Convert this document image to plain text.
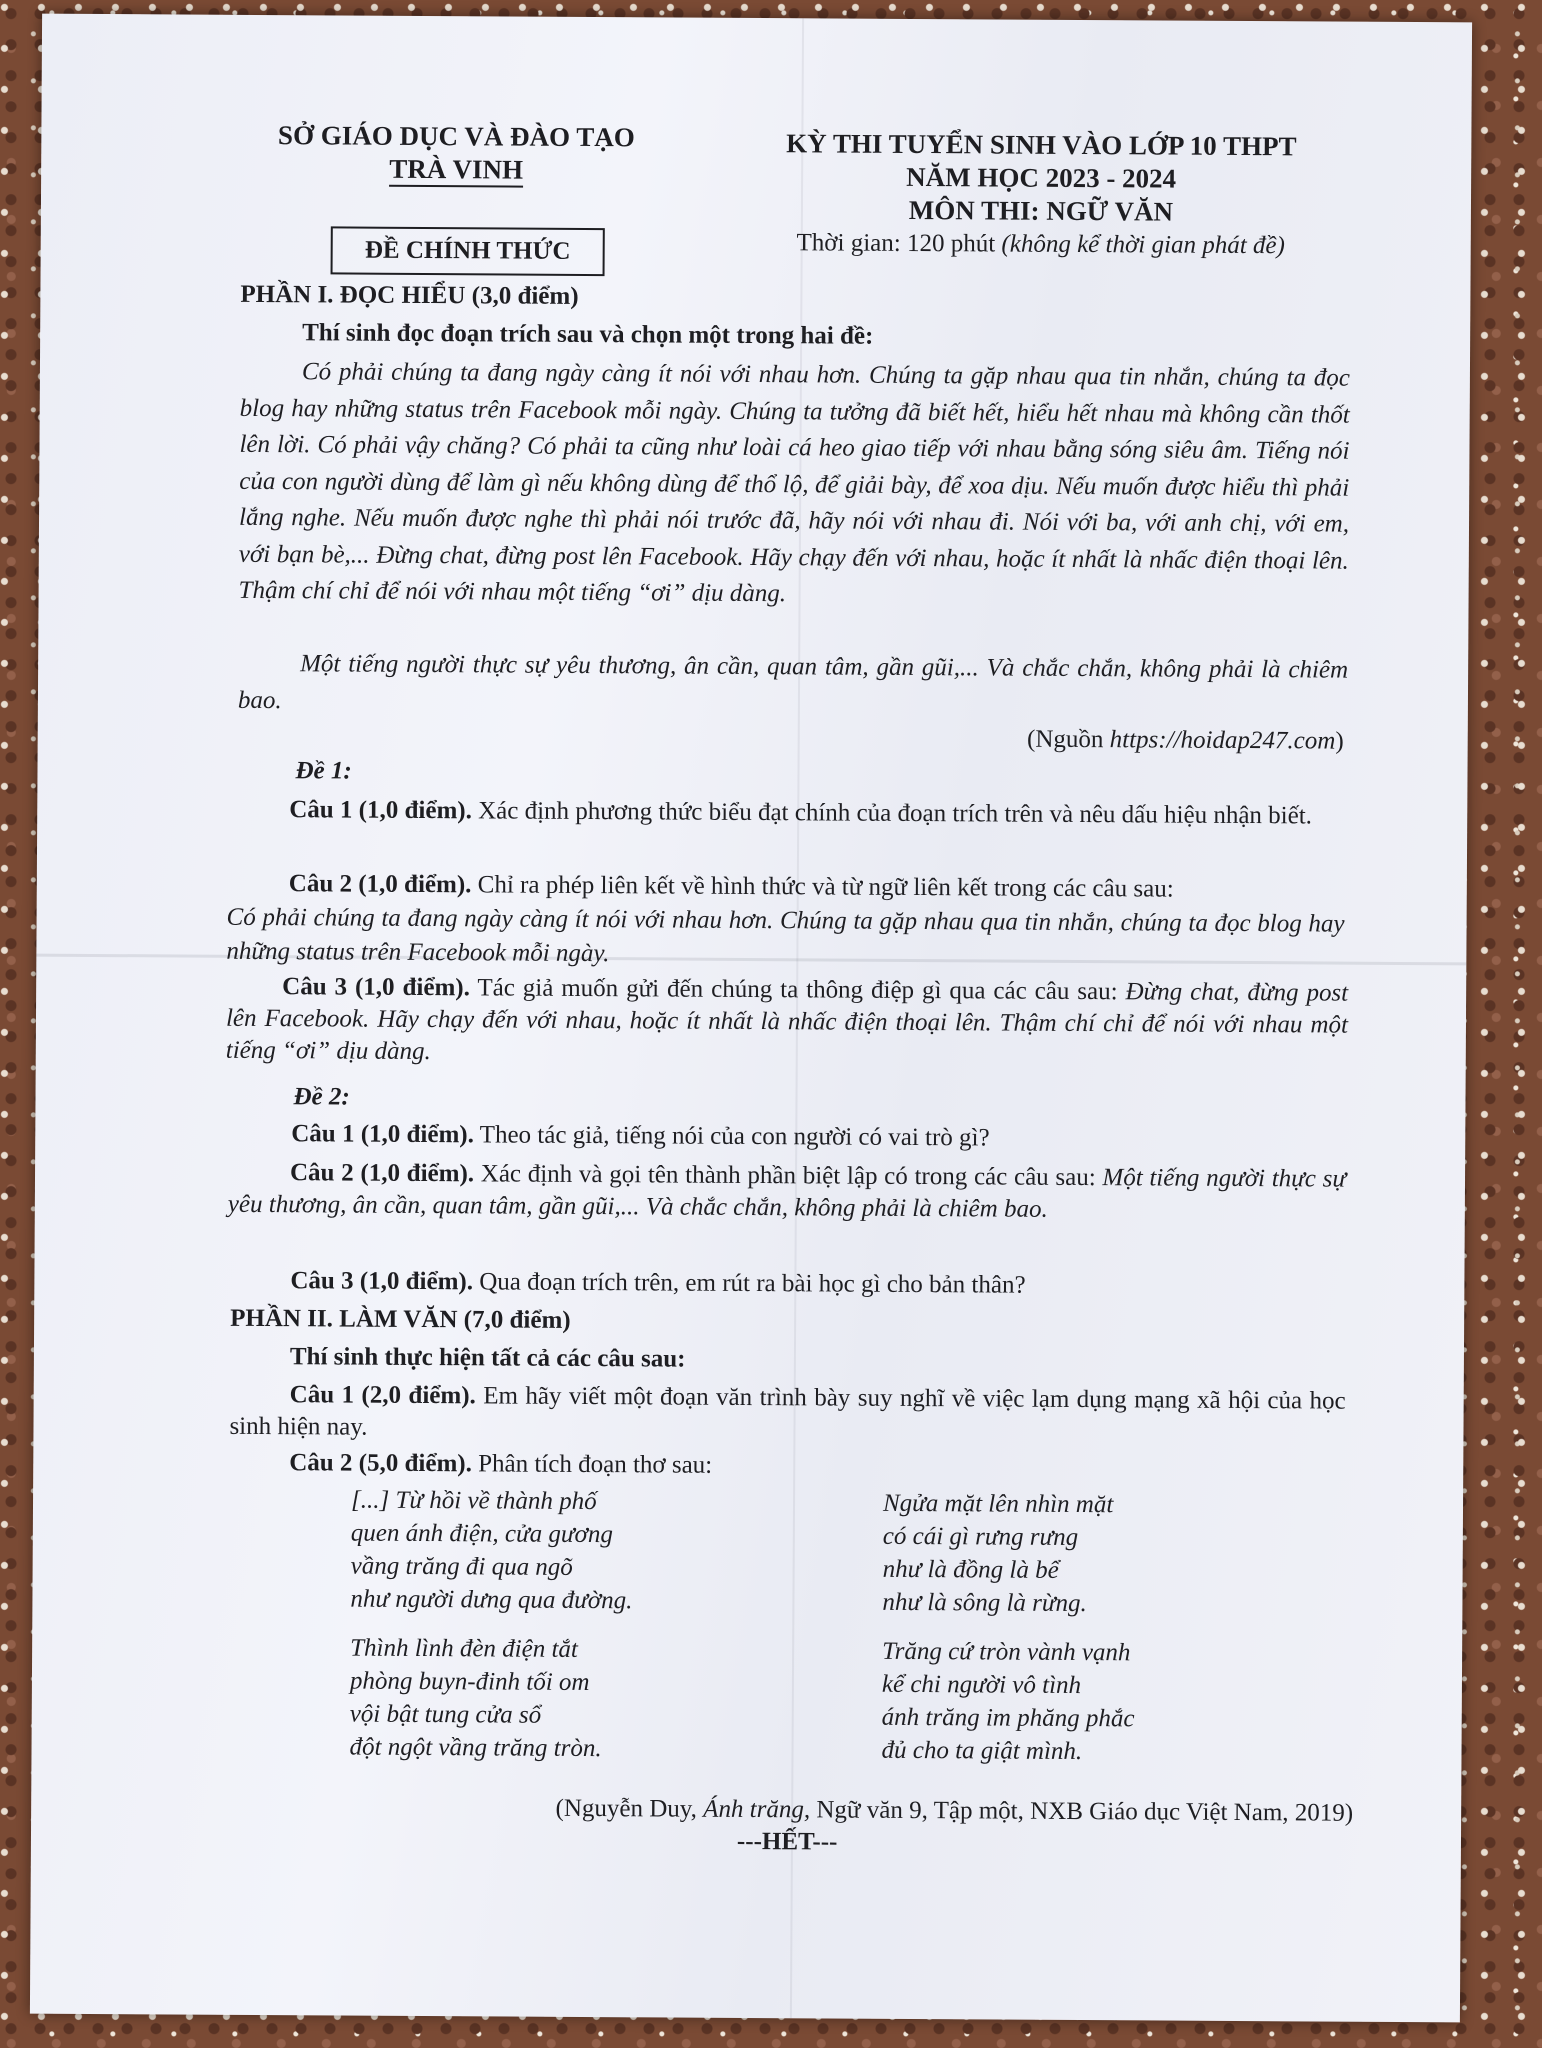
SỞ GIÁO DỤC VÀ ĐÀO TẠO
TRÀ VINH
ĐỀ CHÍNH THỨC
KỲ THI TUYỂN SINH VÀO LỚP 10 THPT
NĂM HỌC 2023 - 2024
MÔN THI: NGỮ VĂN
Thời gian: 120 phút (không kể thời gian phát đề)
PHẦN I. ĐỌC HIỂU (3,0 điểm)
Thí sinh đọc đoạn trích sau và chọn một trong hai đề:
Có phải chúng ta đang ngày càng ít nói với nhau hơn. Chúng ta gặp nhau qua tin nhắn, chúng ta đọc blog hay những status trên Facebook mỗi ngày. Chúng ta tưởng đã biết hết, hiểu hết nhau mà không cần thốt lên lời. Có phải vậy chăng? Có phải ta cũng như loài cá heo giao tiếp với nhau bằng sóng siêu âm. Tiếng nói của con người dùng để làm gì nếu không dùng để thổ lộ, để giải bày, để xoa dịu. Nếu muốn được hiểu thì phải lắng nghe. Nếu muốn được nghe thì phải nói trước đã, hãy nói với nhau đi. Nói với ba, với anh chị, với em, với bạn bè,... Đừng chat, đừng post lên Facebook. Hãy chạy đến với nhau, hoặc ít nhất là nhấc điện thoại lên. Thậm chí chỉ để nói với nhau một tiếng “ơi” dịu dàng.
Một tiếng người thực sự yêu thương, ân cần, quan tâm, gần gũi,... Và chắc chắn, không phải là chiêm bao.
(Nguồn https://hoidap247.com)
Đề 1:
Câu 1 (1,0 điểm). Xác định phương thức biểu đạt chính của đoạn trích trên và nêu dấu hiệu nhận biết.
Câu 2 (1,0 điểm). Chỉ ra phép liên kết về hình thức và từ ngữ liên kết trong các câu sau:
Có phải chúng ta đang ngày càng ít nói với nhau hơn. Chúng ta gặp nhau qua tin nhắn, chúng ta đọc blog hay những status trên Facebook mỗi ngày.
Câu 3 (1,0 điểm). Tác giả muốn gửi đến chúng ta thông điệp gì qua các câu sau: Đừng chat, đừng post lên Facebook. Hãy chạy đến với nhau, hoặc ít nhất là nhấc điện thoại lên. Thậm chí chỉ để nói với nhau một tiếng “ơi” dịu dàng.
Đề 2:
Câu 1 (1,0 điểm). Theo tác giả, tiếng nói của con người có vai trò gì?
Câu 2 (1,0 điểm). Xác định và gọi tên thành phần biệt lập có trong các câu sau: Một tiếng người thực sự yêu thương, ân cần, quan tâm, gần gũi,... Và chắc chắn, không phải là chiêm bao.
Câu 3 (1,0 điểm). Qua đoạn trích trên, em rút ra bài học gì cho bản thân?
PHẦN II. LÀM VĂN (7,0 điểm)
Thí sinh thực hiện tất cả các câu sau:
Câu 1 (2,0 điểm). Em hãy viết một đoạn văn trình bày suy nghĩ về việc lạm dụng mạng xã hội của học sinh hiện nay.
Câu 2 (5,0 điểm). Phân tích đoạn thơ sau:
[...] Từ hồi về thành phố
quen ánh điện, cửa gương
vầng trăng đi qua ngõ
như người dưng qua đường.
Thình lình đèn điện tắt
phòng buyn-đinh tối om
vội bật tung cửa sổ
đột ngột vầng trăng tròn.
Ngửa mặt lên nhìn mặt
có cái gì rưng rưng
như là đồng là bể
như là sông là rừng.
Trăng cứ tròn vành vạnh
kể chi người vô tình
ánh trăng im phăng phắc
đủ cho ta giật mình.
(Nguyễn Duy, Ánh trăng, Ngữ văn 9, Tập một, NXB Giáo dục Việt Nam, 2019)
---HẾT---
